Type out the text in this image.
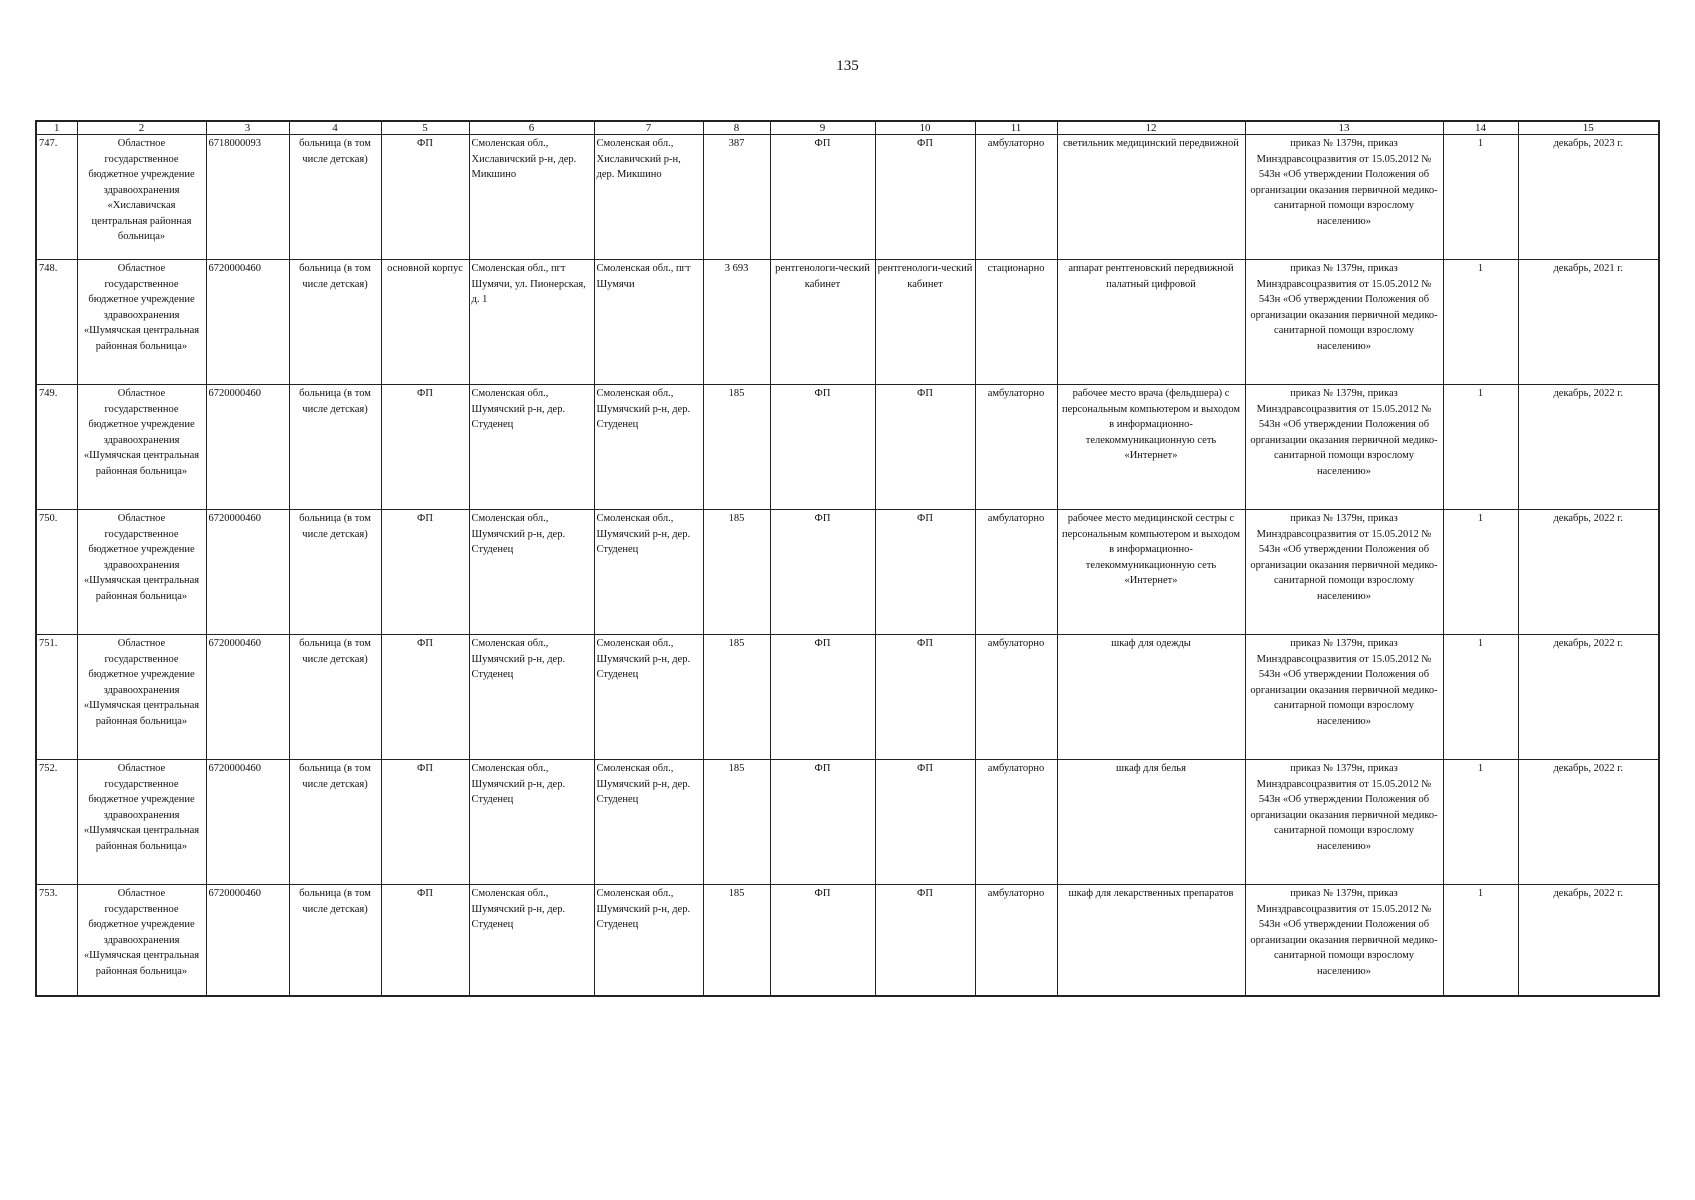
135
1	2	3	4	5	6	7	8	9	10	11	12	13	14	15
747.	Областное государственное бюджетное учреждение здравоохранения «Хиславичская центральная районная больница»	6718000093	больница (в том числе детская)	ФП	Смоленская обл., Хиславичский р-н, дер. Микшино	Смоленская обл., Хиславичский р-н, дер. Микшино	387	ФП	ФП	амбулаторно	светильник медицинский передвижной	приказ № 1379н, приказ Минздравсоцразвития от 15.05.2012 № 543н «Об утверждении Положения об организации оказания первичной медико-санитарной помощи взрослому населению»	1	декабрь, 2023 г.
748.	Областное государственное бюджетное учреждение здравоохранения «Шумячская центральная районная больница»	6720000460	больница (в том числе детская)	основной корпус	Смоленская обл., пгт Шумячи, ул. Пионерская, д. 1	Смоленская обл., пгт Шумячи	3 693	рентгенологи-ческий кабинет	рентгенологи-ческий кабинет	стационарно	аппарат рентгеновский передвижной палатный цифровой	приказ № 1379н, приказ Минздравсоцразвития от 15.05.2012 № 543н «Об утверждении Положения об организации оказания первичной медико-санитарной помощи взрослому населению»	1	декабрь, 2021 г.
749.	Областное государственное бюджетное учреждение здравоохранения «Шумячская центральная районная больница»	6720000460	больница (в том числе детская)	ФП	Смоленская обл., Шумячский р-н, дер. Студенец	Смоленская обл., Шумячский р-н, дер. Студенец	185	ФП	ФП	амбулаторно	рабочее место врача (фельдшера) с персональным компьютером и выходом в информационно-телекоммуникационную сеть «Интернет»	приказ № 1379н, приказ Минздравсоцразвития от 15.05.2012 № 543н «Об утверждении Положения об организации оказания первичной медико-санитарной помощи взрослому населению»	1	декабрь, 2022 г.
750.	Областное государственное бюджетное учреждение здравоохранения «Шумячская центральная районная больница»	6720000460	больница (в том числе детская)	ФП	Смоленская обл., Шумячский р-н, дер. Студенец	Смоленская обл., Шумячский р-н, дер. Студенец	185	ФП	ФП	амбулаторно	рабочее место медицинской сестры с персональным компьютером и выходом в информационно-телекоммуникационную сеть «Интернет»	приказ № 1379н, приказ Минздравсоцразвития от 15.05.2012 № 543н «Об утверждении Положения об организации оказания первичной медико-санитарной помощи взрослому населению»	1	декабрь, 2022 г.
751.	Областное государственное бюджетное учреждение здравоохранения «Шумячская центральная районная больница»	6720000460	больница (в том числе детская)	ФП	Смоленская обл., Шумячский р-н, дер. Студенец	Смоленская обл., Шумячский р-н, дер. Студенец	185	ФП	ФП	амбулаторно	шкаф для одежды	приказ № 1379н, приказ Минздравсоцразвития от 15.05.2012 № 543н «Об утверждении Положения об организации оказания первичной медико-санитарной помощи взрослому населению»	1	декабрь, 2022 г.
752.	Областное государственное бюджетное учреждение здравоохранения «Шумячская центральная районная больница»	6720000460	больница (в том числе детская)	ФП	Смоленская обл., Шумячский р-н, дер. Студенец	Смоленская обл., Шумячский р-н, дер. Студенец	185	ФП	ФП	амбулаторно	шкаф для белья	приказ № 1379н, приказ Минздравсоцразвития от 15.05.2012 № 543н «Об утверждении Положения об организации оказания первичной медико-санитарной помощи взрослому населению»	1	декабрь, 2022 г.
753.	Областное государственное бюджетное учреждение здравоохранения «Шумячская центральная районная больница»	6720000460	больница (в том числе детская)	ФП	Смоленская обл., Шумячский р-н, дер. Студенец	Смоленская обл., Шумячский р-н, дер. Студенец	185	ФП	ФП	амбулаторно	шкаф для лекарственных препаратов	приказ № 1379н, приказ Минздравсоцразвития от 15.05.2012 № 543н «Об утверждении Положения об организации оказания первичной медико-санитарной помощи взрослому населению»	1	декабрь, 2022 г.
